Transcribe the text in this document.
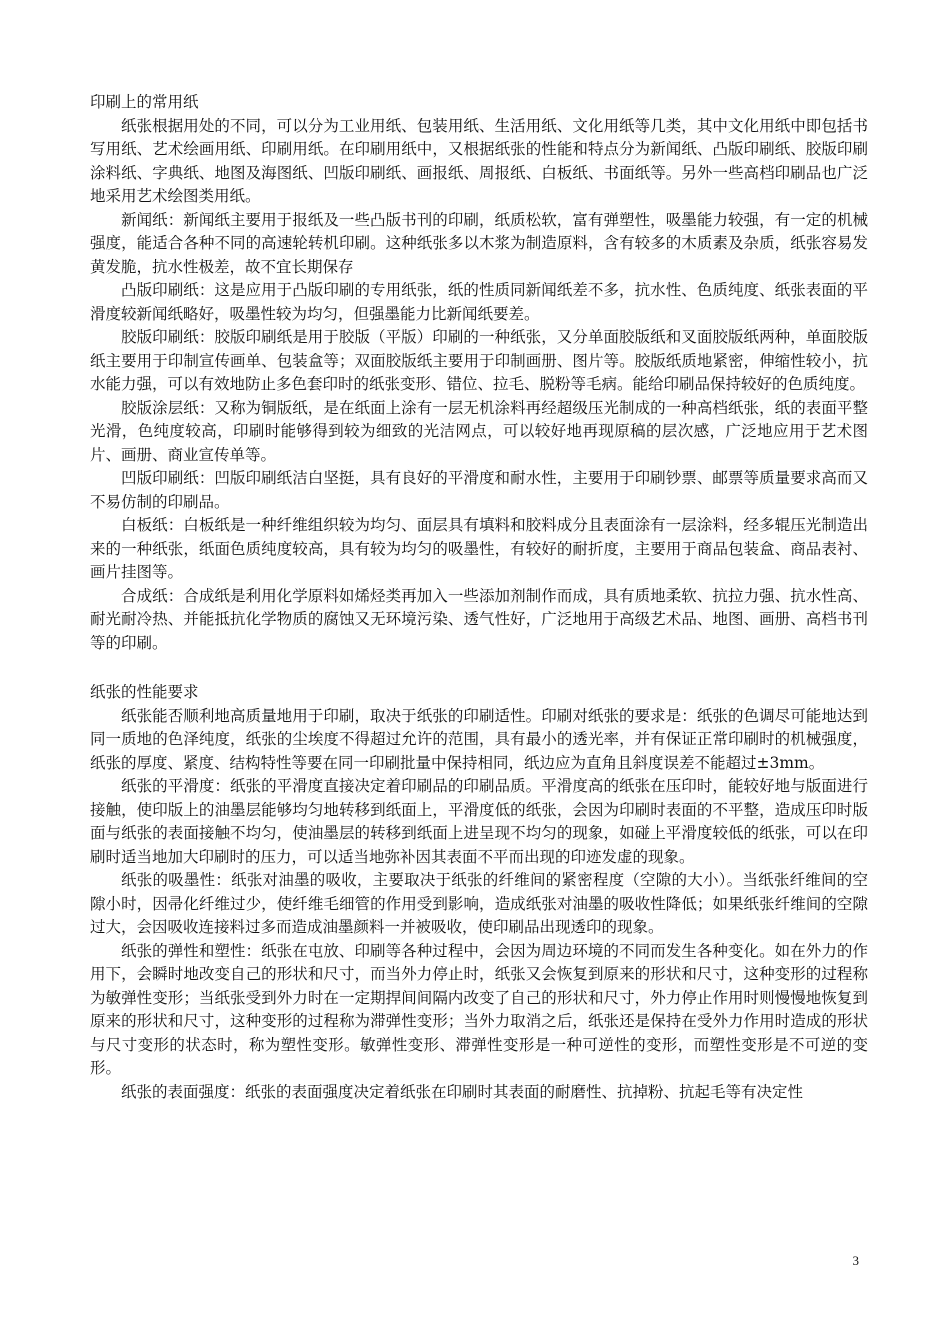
印刷上的常用纸

纸张根据用处的不同，可以分为工业用纸、包装用纸、生活用纸、文化用纸等几类，其中文化用纸中即包括书写用纸、艺术绘画用纸、印刷用纸。在印刷用纸中，又根据纸张的性能和特点分为新闻纸、凸版印刷纸、胶版印刷涂料纸、字典纸、地图及海图纸、凹版印刷纸、画报纸、周报纸、白板纸、书面纸等。另外一些高档印刷品也广泛地采用艺术绘图类用纸。

新闻纸：新闻纸主要用于报纸及一些凸版书刊的印刷，纸质松软，富有弹塑性，吸墨能力较强，有一定的机械强度，能适合各种不同的高速轮转机印刷。这种纸张多以木浆为制造原料，含有较多的木质素及杂质，纸张容易发黄发脆，抗水性极差，故不宜长期保存

凸版印刷纸：这是应用于凸版印刷的专用纸张，纸的性质同新闻纸差不多，抗水性、色质纯度、纸张表面的平滑度较新闻纸略好，吸墨性较为均匀，但强墨能力比新闻纸要差。

胶版印刷纸：胶版印刷纸是用于胶版（平版）印刷的一种纸张，又分单面胶版纸和叉面胶版纸两种，单面胶版纸主要用于印制宣传画单、包装盒等；双面胶版纸主要用于印制画册、图片等。胶版纸质地紧密，伸缩性较小，抗水能力强，可以有效地防止多色套印时的纸张变形、错位、拉毛、脱粉等毛病。能给印刷品保持较好的色质纯度。

胶版涂层纸：又称为铜版纸，是在纸面上涂有一层无机涂料再经超级压光制成的一种高档纸张，纸的表面平整光滑，色纯度较高，印刷时能够得到较为细致的光洁网点，可以较好地再现原稿的层次感，广泛地应用于艺术图片、画册、商业宣传单等。

凹版印刷纸：凹版印刷纸洁白坚挺，具有良好的平滑度和耐水性，主要用于印刷钞票、邮票等质量要求高而又不易仿制的印刷品。

白板纸：白板纸是一种纤维组织较为均匀、面层具有填料和胶料成分且表面涂有一层涂料，经多辊压光制造出来的一种纸张，纸面色质纯度较高，具有较为均匀的吸墨性，有较好的耐折度，主要用于商品包装盒、商品表衬、画片挂图等。

合成纸：合成纸是利用化学原料如烯烃类再加入一些添加剂制作而成，具有质地柔软、抗拉力强、抗水性高、耐光耐冷热、并能抵抗化学物质的腐蚀又无环境污染、透气性好，广泛地用于高级艺术品、地图、画册、高档书刊等的印刷。

纸张的性能要求

纸张能否顺利地高质量地用于印刷，取决于纸张的印刷适性。印刷对纸张的要求是：纸张的色调尽可能地达到同一质地的色泽纯度，纸张的尘埃度不得超过允许的范围，具有最小的透光率，并有保证正常印刷时的机械强度，纸张的厚度、紧度、结构特性等要在同一印刷批量中保持相同，纸边应为直角且斜度误差不能超过±3mm。

纸张的平滑度：纸张的平滑度直接决定着印刷品的印刷品质。平滑度高的纸张在压印时，能较好地与版面进行接触，使印版上的油墨层能够均匀地转移到纸面上，平滑度低的纸张，会因为印刷时表面的不平整，造成压印时版面与纸张的表面接触不均匀，使油墨层的转移到纸面上进呈现不均匀的现象，如碰上平滑度较低的纸张，可以在印刷时适当地加大印刷时的压力，可以适当地弥补因其表面不平而出现的印迹发虚的现象。

纸张的吸墨性：纸张对油墨的吸收，主要取决于纸张的纤维间的紧密程度（空隙的大小）。当纸张纤维间的空隙小时，因帚化纤维过少，使纤维毛细管的作用受到影响，造成纸张对油墨的吸收性降低；如果纸张纤维间的空隙过大，会因吸收连接料过多而造成油墨颜料一并被吸收，使印刷品出现透印的现象。

纸张的弹性和塑性：纸张在屯放、印刷等各种过程中，会因为周边环境的不同而发生各种变化。如在外力的作用下，会瞬时地改变自己的形状和尺寸，而当外力停止时，纸张又会恢复到原来的形状和尺寸，这种变形的过程称为敏弹性变形；当纸张受到外力时在一定期捍间间隔内改变了自己的形状和尺寸，外力停止作用时则慢慢地恢复到原来的形状和尺寸，这种变形的过程称为滞弹性变形；当外力取消之后，纸张还是保持在受外力作用时造成的形状与尺寸变形的状态时，称为塑性变形。敏弹性变形、滞弹性变形是一种可逆性的变形，而塑性变形是不可逆的变形。

纸张的表面强度：纸张的表面强度决定着纸张在印刷时其表面的耐磨性、抗掉粉、抗起毛等有决定性

3
